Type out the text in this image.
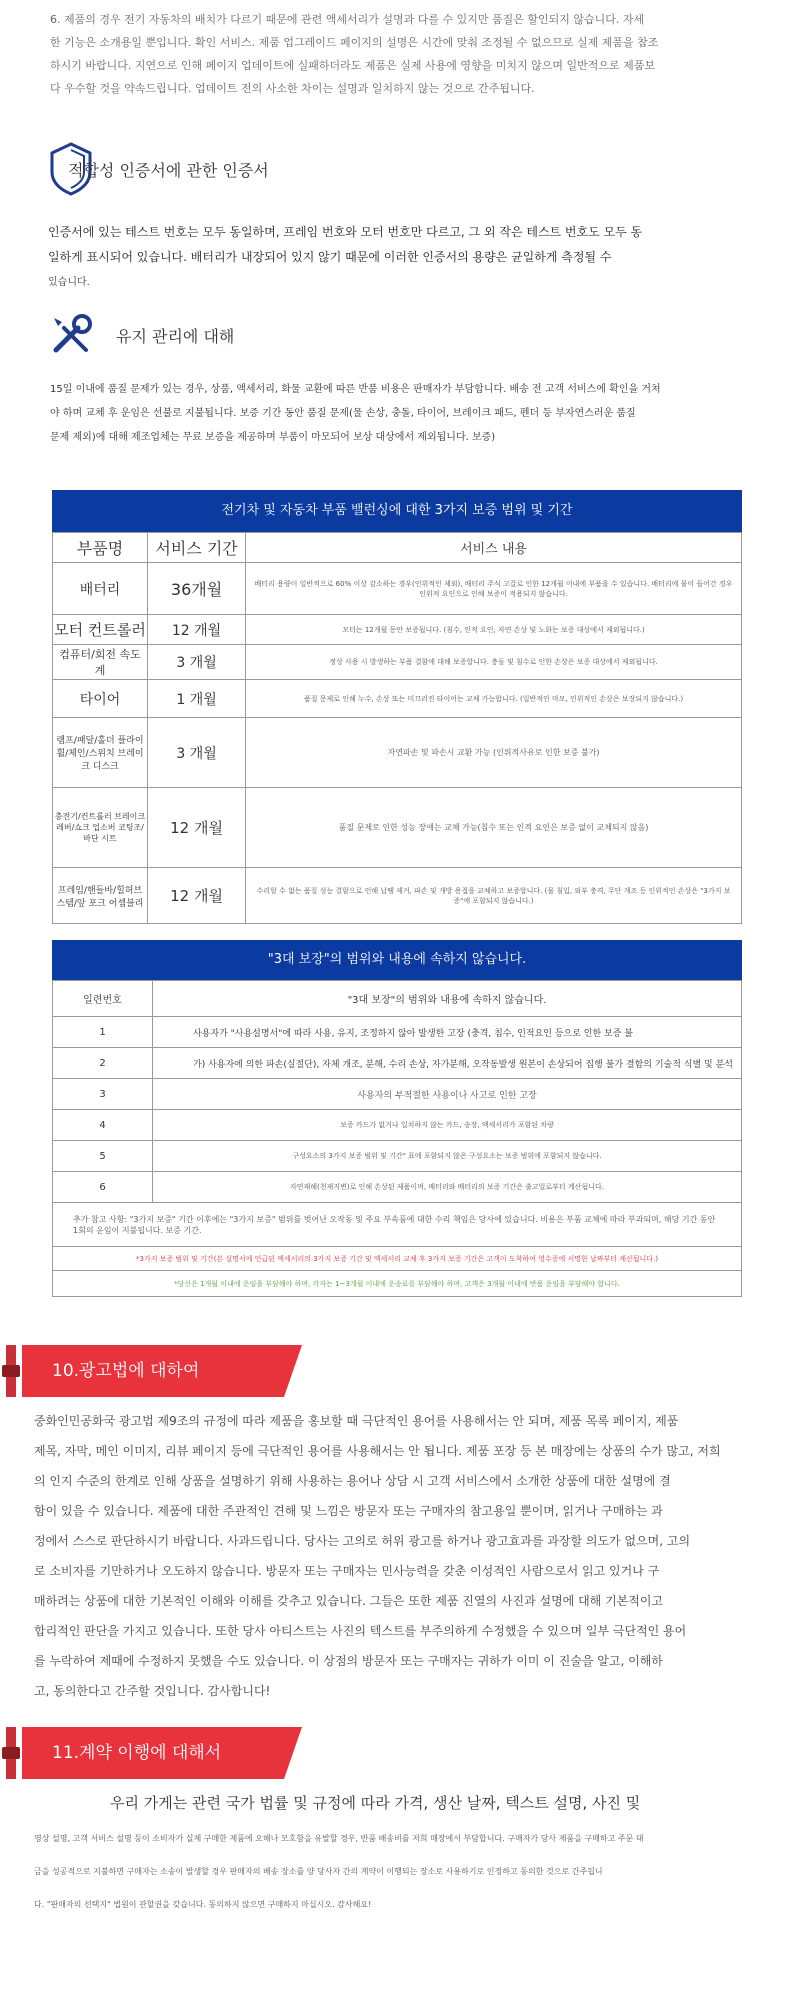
6. 제품의 경우 전기 자동차의 배치가 다르기 때문에 관련 액세서리가 설명과 다를 수 있지만 품질은 할인되지 않습니다. 자세
한 기능은 소개용일 뿐입니다. 확인 서비스. 제품 업그레이드 페이지의 설명은 시간에 맞춰 조정될 수 없으므로 실제 제품을 참조
하시기 바랍니다. 지연으로 인해 페이지 업데이트에 실패하더라도 제품은 실제 사용에 영향을 미치지 않으며 일반적으로 제품보
다 우수할 것을 약속드립니다. 업데이트 전의 사소한 차이는 설명과 일치하지 않는 것으로 간주됩니다.
적합성 인증서에 관한 인증서
인증서에 있는 테스트 번호는 모두 동일하며, 프레임 번호와 모터 번호만 다르고, 그 외 작은 테스트 번호도 모두 동
일하게 표시되어 있습니다. 배터리가 내장되어 있지 않기 때문에 이러한 인증서의 용량은 균일하게 측정될 수
있습니다.
유지 관리에 대해
15일 이내에 품질 문제가 있는 경우, 상품, 액세서리, 화물 교환에 따른 반품 비용은 판매자가 부담합니다. 배송 전 고객 서비스에 확인을 거쳐
야 하며 교체 후 운임은 선불로 지불됩니다. 보증 기간 동안 품질 문제(물 손상, 충돌, 타이어, 브레이크 패드, 펜더 등 부자연스러운 품질
문제 제외)에 대해 제조업체는 무료 보증을 제공하며 부품이 마모되어 보상 대상에서 제외됩니다. 보증)
전기차 및 자동차 부품 밸런싱에 대한 3가지 보증 범위 및 기간
부품명	서비스 기간	서비스 내용
배터리	36개월	배터리 용량이 일반적으로 60% 이상 감소하는 경우(인위적인 제외), 배터리 주식 고갈로 인한 12개월 이내에 부품을 수 있습니다. 배터리에 물이 들어간 경우 인위적 요인으로 인해 보증이 적용되지 않습니다.
모터 컨트롤러	12 개월	모터는 12개월 동안 보증됩니다. (침수, 인적 요인, 자연 손상 및 노화는 보증 대상에서 제외됩니다.)
컴퓨터/회전 속도계	3 개월	정상 사용 시 발생하는 부품 결함에 대해 보증합니다. 충돌 및 침수로 인한 손상은 보증 대상에서 제외됩니다.
타이어	1 개월	품질 문제로 인해 누수, 손상 또는 미끄러진 타이어는 교체 가능합니다. (일반적인 마모, 인위적인 손상은 보장되지 않습니다.)
램프/패달/홀더 플라이휠/체인/스위치 브레이크 디스크	3 개월	자연파손 및 파손시 교환 가능 (인위적사유로 인한 보증 불가)
충전기/컨트롤러 브레이크 레버/쇼크 업소버 코팅조/바단 시트	12 개월	품질 문제로 인한 성능 장애는 교체 가능(침수 또는 인적 요인은 보증 없이 교체되지 않음)
프레임/핸들바/힐허브 스템/앞 포크 어셈블리	12 개월	수리할 수 없는 품질 성능 결함으로 인해 납땜 제거, 파손 및 개방 용접을 교체하고 보증합니다. (물 침입, 외부 충격, 무단 개조 등 인위적인 손상은 "3가지 보증"에 포함되지 않습니다.)
"3대 보장"의 범위와 내용에 속하지 않습니다.
일련번호	"3대 보장"의 범위와 내용에 속하지 않습니다.
1	사용자가 "사용설명서"에 따라 사용, 유지, 조정하지 않아 발생한 고장 (충격, 침수, 인적요인 등으로 인한 보증 불
2	가) 사용자에 의한 파손(실절단), 자체 개조, 분해, 수리 손상, 자가분해, 오작동발생 원본이 손상되어 집행 불가 결함의 기술적 식별 및 분석
3	사용자의 부적절한 사용이나 사고로 인한 고장
4	보증 카드가 없거나 일치하지 않는 카드, 송장, 액세서리가 포함된 차량
5	구성요소의 3가지 보증 범위 및 기간" 표에 포함되지 않은 구성요소는 보증 범위에 포함되지 않습니다.
6	자연재해(천재지변)로 인해 손상된 제품이며, 배터리와 배터리의 보증 기간은 출고일로부터 계산됩니다.
추가 참고 사항: "3가지 보증" 기간 이후에는 "3가지 보증" 범위를 벗어난 오작동 및 주요 부속품에 대한 수리 책임은 당사에 있습니다. 비용은 부품 교체에 따라 부과되며, 해당 기간 동안 1회의 운임이 지불됩니다. 보증 기간.	
*3가지 보증 범위 및 기간(본 설명서에 언급된 액세서리의 3가지 보증 기간 및 액세서리 교체 후 3가지 보증 기간은 고객이 도착하여 영수증에 서명한 날짜부터 계산됩니다.)	
*당신은 1개월 이내에 운임을 부담해야 하며, 각자는 1~3개월 이내에 운송료를 부담해야 하며, 고객은 3개월 이내에 반품 운임을 부담해야 합니다.	
10.광고법에 대하여
중화인민공화국 광고법 제9조의 규정에 따라 제품을 홍보할 때 극단적인 용어를 사용해서는 안 되며, 제품 목록 페이지, 제품
제목, 자막, 메인 이미지, 리뷰 페이지 등에 극단적인 용어를 사용해서는 안 됩니다. 제품 포장 등 본 매장에는 상품의 수가 많고, 저희
의 인지 수준의 한계로 인해 상품을 설명하기 위해 사용하는 용어나 상담 시 고객 서비스에서 소개한 상품에 대한 설명에 결
함이 있을 수 있습니다. 제품에 대한 주관적인 견해 및 느낌은 방문자 또는 구매자의 참고용일 뿐이며, 읽거나 구매하는 과
정에서 스스로 판단하시기 바랍니다. 사과드립니다. 당사는 고의로 허위 광고를 하거나 광고효과를 과장할 의도가 없으며, 고의
로 소비자를 기만하거나 오도하지 않습니다. 방문자 또는 구매자는 민사능력을 갖춘 이성적인 사람으로서 읽고 있거나 구
매하려는 상품에 대한 기본적인 이해와 이해를 갖추고 있습니다. 그들은 또한 제품 진열의 사진과 설명에 대해 기본적이고
합리적인 판단을 가지고 있습니다. 또한 당사 아티스트는 사진의 텍스트를 부주의하게 수정했을 수 있으며 일부 극단적인 용어
를 누락하여 제때에 수정하지 못했을 수도 있습니다. 이 상점의 방문자 또는 구매자는 귀하가 이미 이 진술을 알고, 이해하
고, 동의한다고 간주할 것입니다. 감사합니다!
11.계약 이행에 대해서
우리 가게는 관련 국가 법률 및 규정에 따라 가격, 생산 날짜, 텍스트 설명, 사진 및
영상 설명, 고객 서비스 설명 등이 소비자가 실제 구매한 제품에 오해나 모호함을 유발할 경우, 반품 배송비를 저희 매장에서 부담합니다. 구매자가 당사 제품을 구매하고 주문 대
금을 성공적으로 지불하면 구매자는 소송이 발생할 경우 판매자의 배송 장소를 양 당사자 간의 계약이 이행되는 장소로 사용하기로 인정하고 동의한 것으로 간주됩니
다. "판매자의 선택지" 법원이 관할권을 갖습니다. 동의하지 않으면 구매하지 마십시오. 감사해요!
